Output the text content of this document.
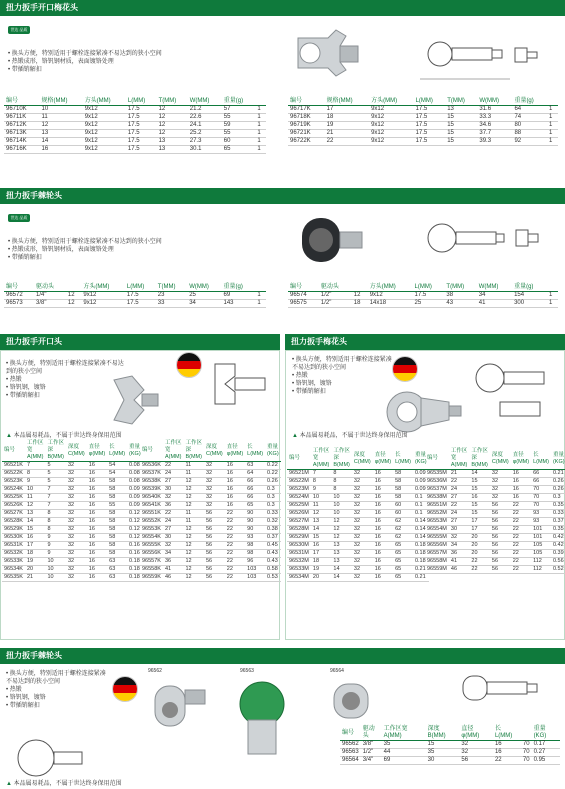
扭力扳手开口梅花头
世达 品质
• 换头方便，特别适用于螺栓连接紧凑不易达到的狭小空间
• 热锻成形，铬钒钢材质，表面镀铬处理
• 带插销解扣
编号	规格(MM)	方头(MM)	L(MM)	T(MM)	W(MM)	重量(g)	
96710K	10	9x12	17.5	12	21.2	57	1
96711K	11	9x12	17.5	12	22.6	55	1
96712K	12	9x12	17.5	12	24.1	59	1
96713K	13	9x12	17.5	12	25.2	55	1
96714K	14	9x12	17.5	13	27.3	60	1
96716K	16	9x12	17.5	13	30.1	65	1
编号	规格(MM)	方头(MM)	L(MM)	T(MM)	W(MM)	重量(g)	
96717K	17	9x12	17.5	13	31.6	64	1
96718K	18	9x12	17.5	15	33.3	74	1
96719K	19	9x12	17.5	15	34.6	80	1
96721K	21	9x12	17.5	15	37.7	88	1
96722K	22	9x12	17.5	15	39.3	92	1
扭力扳手棘轮头
世达 品质
• 换头方便，特别适用于螺栓连接紧凑不易达到的狭小空间
• 热锻成形，铬钒钢材质，表面镀铬处理
• 带插销解扣
编号	驱动头		方头(MM)	L(MM)	T(MM)	W(MM)	重量(g)	
96572	1/4"	12	9x12	17.5	23	25	69	1
96573	3/8"	12	9x12	17.5	33	34	143	1
编号	驱动头		方头(MM)	L(MM)	T(MM)	W(MM)	重量(g)	
96574	1/2"	12	9x12	17.5	38	34	154	1
96575	1/2"	18	14x18	25	43	41	300	1
扭力扳手开口头
• 换头方便，特别适用于螺栓连接紧凑不易达到的狭小空间
• 热锻
• 铬钒钢，镀铬
• 带插销解扣
▲ 本品属易耗品，不属于世达终身保用范围
编号	工作区宽 A(MM)	工作区深 B(MM)	深度 C(MM)	直径 φ(MM)	长 L(MM)	重量 (KG)
96521K	7	5	32	16	54	0.08
96522K	8	5	32	16	54	0.08
96523K	9	5	32	16	58	0.08
96524K	10	7	32	16	58	0.09
96525K	11	7	32	16	58	0.09
96526K	12	7	32	16	55	0.09
96527K	13	8	32	16	58	0.12
96528K	14	8	32	16	58	0.12
96529K	15	8	32	16	58	0.12
96530K	16	9	32	16	58	0.12
96531K	17	9	32	16	58	0.16
96532K	18	9	32	16	58	0.16
96533K	19	10	32	16	63	0.18
96534K	20	10	32	16	63	0.18
96535K	21	10	32	16	63	0.18
编号	工作区宽 A(MM)	工作区深 B(MM)	深度 C(MM)	直径 φ(MM)	长 L(MM)	重量 (KG)
96536K	22	11	32	16	63	0.22
96537K	24	11	32	16	64	0.22
96538K	27	12	32	16	66	0.26
96539K	30	12	32	16	66	0.3
96540K	32	12	32	16	66	0.3
96541K	36	12	32	16	65	0.3
96551K	22	11	56	22	90	0.33
96552K	24	11	56	22	90	0.32
96553K	27	12	56	22	90	0.38
96554K	30	12	56	22	93	0.37
96555K	32	12	56	22	98	0.45
96556K	34	12	56	22	98	0.43
96557K	36	12	56	22	96	0.43
96558K	41	12	56	22	103	0.58
96559K	46	12	56	22	103	0.53
扭力扳手梅花头
• 换头方便，特别适用于螺栓连接紧凑不易达到的狭小空间
• 热锻
• 铬钒钢，镀铬
• 带插销解扣
▲ 本品属易耗品，不属于世达终身保用范围
编号	工作区宽 A(MM)	工作区深 B(MM)	深度 C(MM)	直径 φ(MM)	长 L(MM)	重量 (KG)
96521M	7	8	32	16	58	0.09
96522M	8	8	32	16	58	0.09
96523M	9	8	32	16	58	0.09
96524M	10	10	32	16	58	0.1
96525M	11	10	32	16	60	0.1
96526M	12	10	32	16	60	0.1
96527M	13	12	32	16	62	0.14
96528M	14	12	32	16	62	0.14
96529M	15	12	32	16	62	0.14
96530M	16	13	32	16	65	0.18
96531M	17	13	32	16	65	0.18
96532M	18	13	32	16	65	0.18
96533M	19	14	32	16	65	0.21
96534M	20	14	32	16	65	0.21
编号	工作区宽 A(MM)	工作区深 B(MM)	深度 C(MM)	直径 φ(MM)	长 L(MM)	重量 (KG)
96535M	21	14	32	16	66	0.21
96536M	22	15	32	16	66	0.26
96537M	24	15	32	16	70	0.26
96538M	27	16	32	16	70	0.3
96551M	22	15	56	22	70	0.35
96552M	24	15	56	22	93	0.33
96553M	27	17	56	22	93	0.37
96554M	30	17	56	22	101	0.35
96555M	32	20	56	22	101	0.42
96556M	34	20	56	22	105	0.42
96557M	36	20	56	22	105	0.39
96558M	41	22	56	22	112	0.56
96559M	46	22	56	22	112	0.52
扭力扳手棘轮头
• 换头方便，特别适用于螺栓连接紧凑不易达到的狭小空间
• 热锻
• 铬钒钢，镀铬
• 带插销解扣
96562	96563	96564
▲ 本品属易耗品，不属于世达终身保用范围
编号	驱动头	工作区宽 A(MM)	深度 B(MM)	直径 φ(MM)	长 L(MM)		重量 (KG)
96562	3/8"	35	15	32	16	70	0.17
96563	1/2"	44	35	32	16	70	0.27
96564	3/4"	69	30	56	22	70	0.95
